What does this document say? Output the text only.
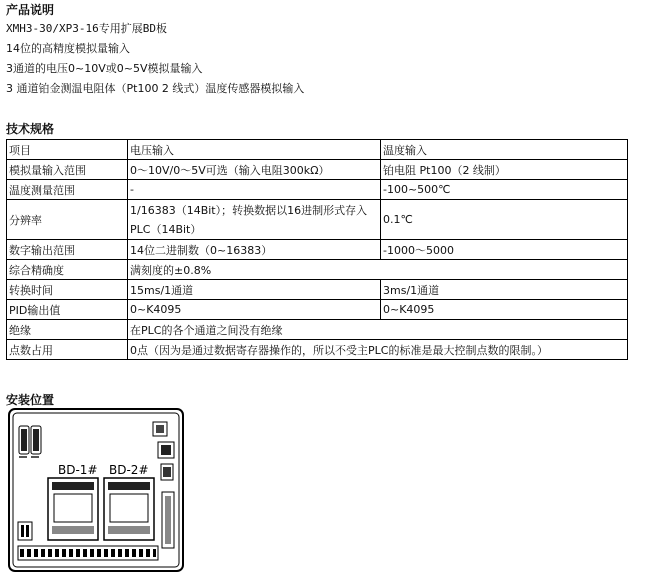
产品说明
XMH3-30/XP3-16专用扩展BD板
14位的高精度模拟量输入
3通道的电压0~10V或0~5V模拟量输入
3 通道铂金测温电阻体（Pt100 2 线式）温度传感器模拟输入
技术规格
项目	电压输入	温度输入
模拟量输入范围	0～10V/0～5V可选（输入电阻300kΩ）	铂电阻 Pt100（2 线制）
温度测量范围	-	-100~500℃
分辨率	1/16383（14Bit）；转换数据以16进制形式存入PLC（14Bit）	0.1℃
数字输出范围	14位二进制数（0~16383）	-1000～5000
综合精确度	满刻度的±0.8%	
转换时间	15ms/1通道	3ms/1通道
PID输出值	0~K4095	0~K4095
绝缘	在PLC的各个通道之间没有绝缘	
点数占用	0点（因为是通过数据寄存器操作的，所以不受主PLC的标准是最大控制点数的限制。）	
安装位置
BD-1# BD-2#
